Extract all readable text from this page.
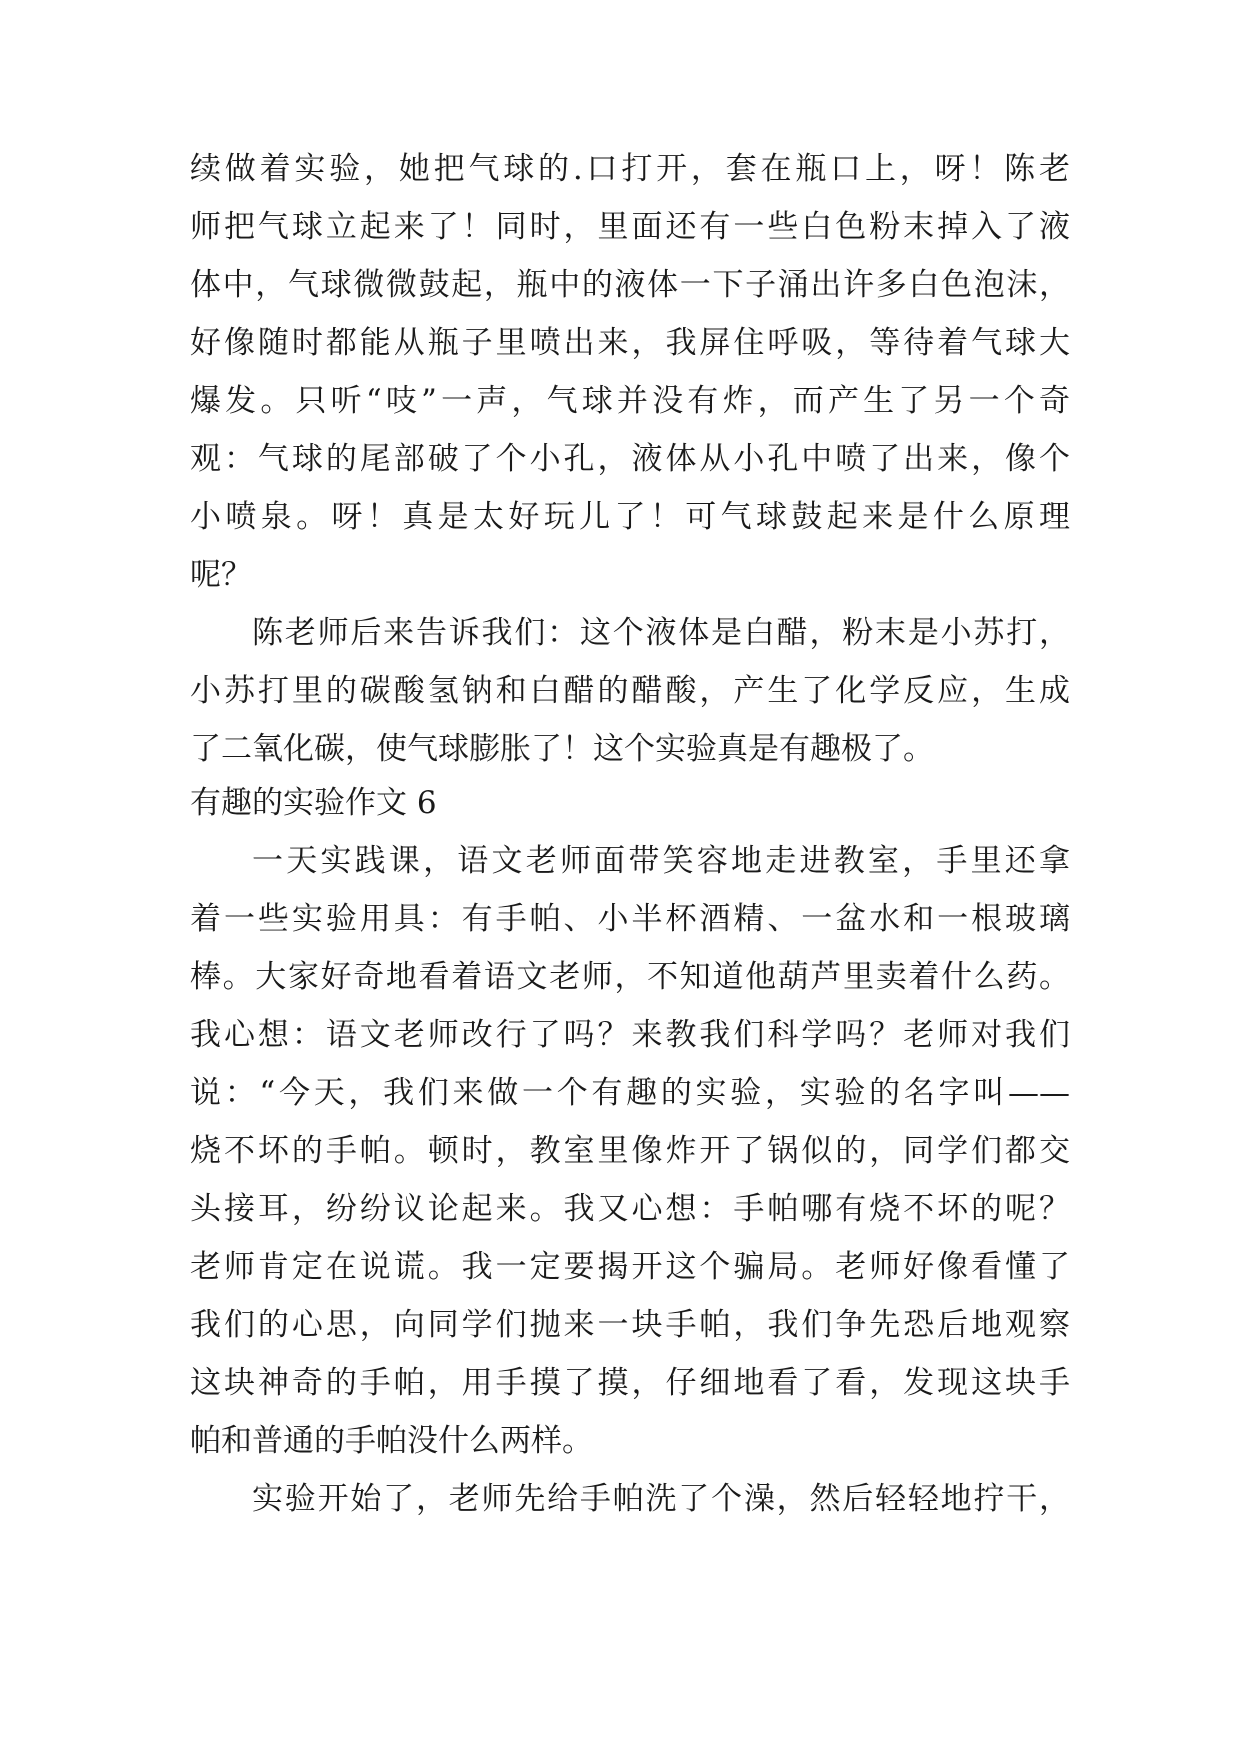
续做着实验，她把气球的.口打开，套在瓶口上，呀！陈老
师把气球立起来了！同时，里面还有一些白色粉末掉入了液
体中，气球微微鼓起，瓶中的液体一下子涌出许多白色泡沫，
好像随时都能从瓶子里喷出来，我屏住呼吸，等待着气球大
爆发。只听“吱”一声，气球并没有炸，而产生了另一个奇
观：气球的尾部破了个小孔，液体从小孔中喷了出来，像个
小喷泉。呀！真是太好玩儿了！可气球鼓起来是什么原理
呢？
陈老师后来告诉我们：这个液体是白醋，粉末是小苏打，
小苏打里的碳酸氢钠和白醋的醋酸，产生了化学反应，生成
了二氧化碳，使气球膨胀了！这个实验真是有趣极了。
有趣的实验作文 6
一天实践课，语文老师面带笑容地走进教室，手里还拿
着一些实验用具：有手帕、小半杯酒精、一盆水和一根玻璃
棒。大家好奇地看着语文老师，不知道他葫芦里卖着什么药。
我心想：语文老师改行了吗？来教我们科学吗？老师对我们
说：“今天，我们来做一个有趣的实验，实验的名字叫——
烧不坏的手帕。顿时，教室里像炸开了锅似的，同学们都交
头接耳，纷纷议论起来。我又心想：手帕哪有烧不坏的呢？
老师肯定在说谎。我一定要揭开这个骗局。老师好像看懂了
我们的心思，向同学们抛来一块手帕，我们争先恐后地观察
这块神奇的手帕，用手摸了摸，仔细地看了看，发现这块手
帕和普通的手帕没什么两样。
实验开始了，老师先给手帕洗了个澡，然后轻轻地拧干，
